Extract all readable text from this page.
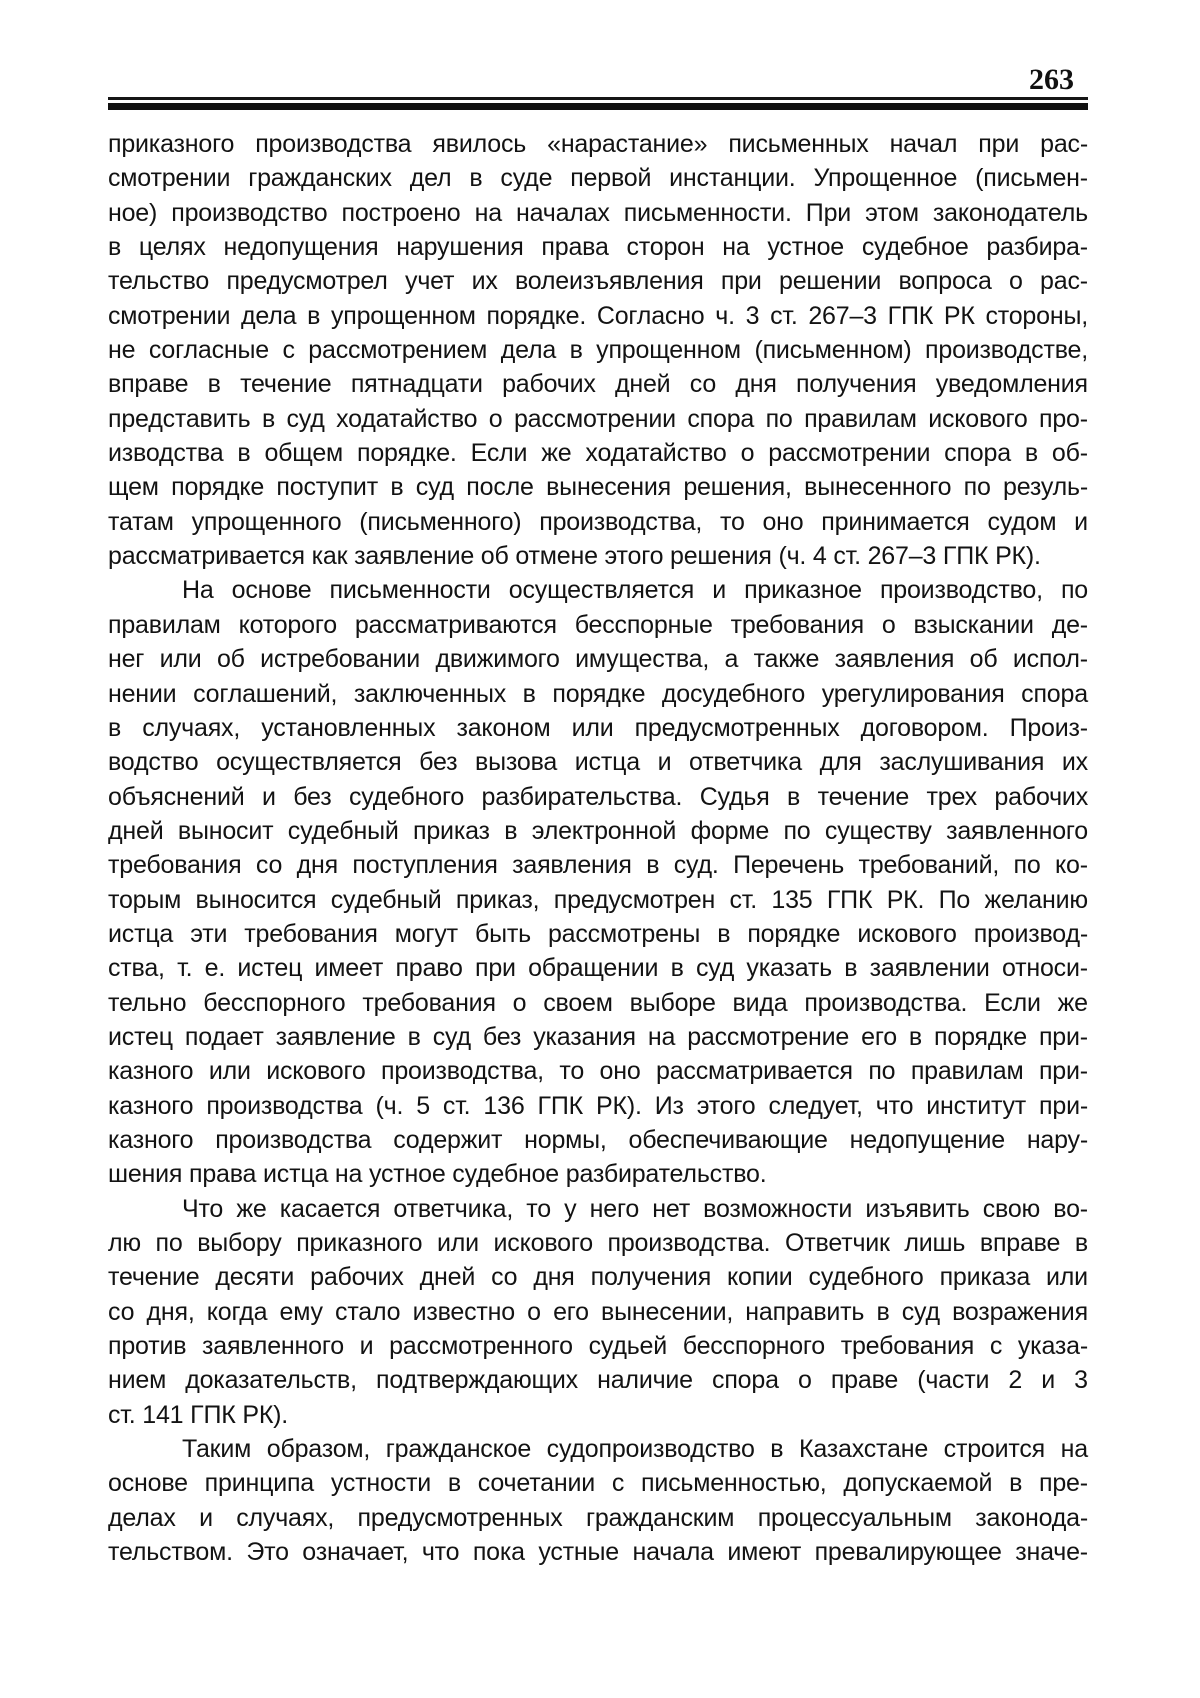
263
приказного производства явилось «нарастание» письменных начал при рас-
смотрении гражданских дел в суде первой инстанции. Упрощенное (письмен-
ное) производство построено на началах письменности. При этом законодатель
в целях недопущения нарушения права сторон на устное судебное разбира-
тельство предусмотрел учет их волеизъявления при решении вопроса о рас-
смотрении дела в упрощенном порядке. Согласно ч. 3 ст. 267–3 ГПК РК стороны,
не согласные с рассмотрением дела в упрощенном (письменном) производстве,
вправе в течение пятнадцати рабочих дней со дня получения уведомления
представить в суд ходатайство о рассмотрении спора по правилам искового про-
изводства в общем порядке. Если же ходатайство о рассмотрении спора в об-
щем порядке поступит в суд после вынесения решения, вынесенного по резуль-
татам упрощенного (письменного) производства, то оно принимается судом и
рассматривается как заявление об отмене этого решения (ч. 4 ст. 267–3 ГПК РК).
На основе письменности осуществляется и приказное производство, по
правилам которого рассматриваются бесспорные требования о взыскании де-
нег или об истребовании движимого имущества, а также заявления об испол-
нении соглашений, заключенных в порядке досудебного урегулирования спора
в случаях, установленных законом или предусмотренных договором. Произ-
водство осуществляется без вызова истца и ответчика для заслушивания их
объяснений и без судебного разбирательства. Судья в течение трех рабочих
дней выносит судебный приказ в электронной форме по существу заявленного
требования со дня поступления заявления в суд. Перечень требований, по ко-
торым выносится судебный приказ, предусмотрен ст. 135 ГПК РК. По желанию
истца эти требования могут быть рассмотрены в порядке искового производ-
ства, т. е. истец имеет право при обращении в суд указать в заявлении относи-
тельно бесспорного требования о своем выборе вида производства. Если же
истец подает заявление в суд без указания на рассмотрение его в порядке при-
казного или искового производства, то оно рассматривается по правилам при-
казного производства (ч. 5 ст. 136 ГПК РК). Из этого следует, что институт при-
казного производства содержит нормы, обеспечивающие недопущение нару-
шения права истца на устное судебное разбирательство.
Что же касается ответчика, то у него нет возможности изъявить свою во-
лю по выбору приказного или искового производства. Ответчик лишь вправе в
течение десяти рабочих дней со дня получения копии судебного приказа или
со дня, когда ему стало известно о его вынесении, направить в суд возражения
против заявленного и рассмотренного судьей бесспорного требования с указа-
нием доказательств, подтверждающих наличие спора о праве (части 2 и 3
ст. 141 ГПК РК).
Таким образом, гражданское судопроизводство в Казахстане строится на
основе принципа устности в сочетании с письменностью, допускаемой в пре-
делах и случаях, предусмотренных гражданским процессуальным законода-
тельством. Это означает, что пока устные начала имеют превалирующее значе-
